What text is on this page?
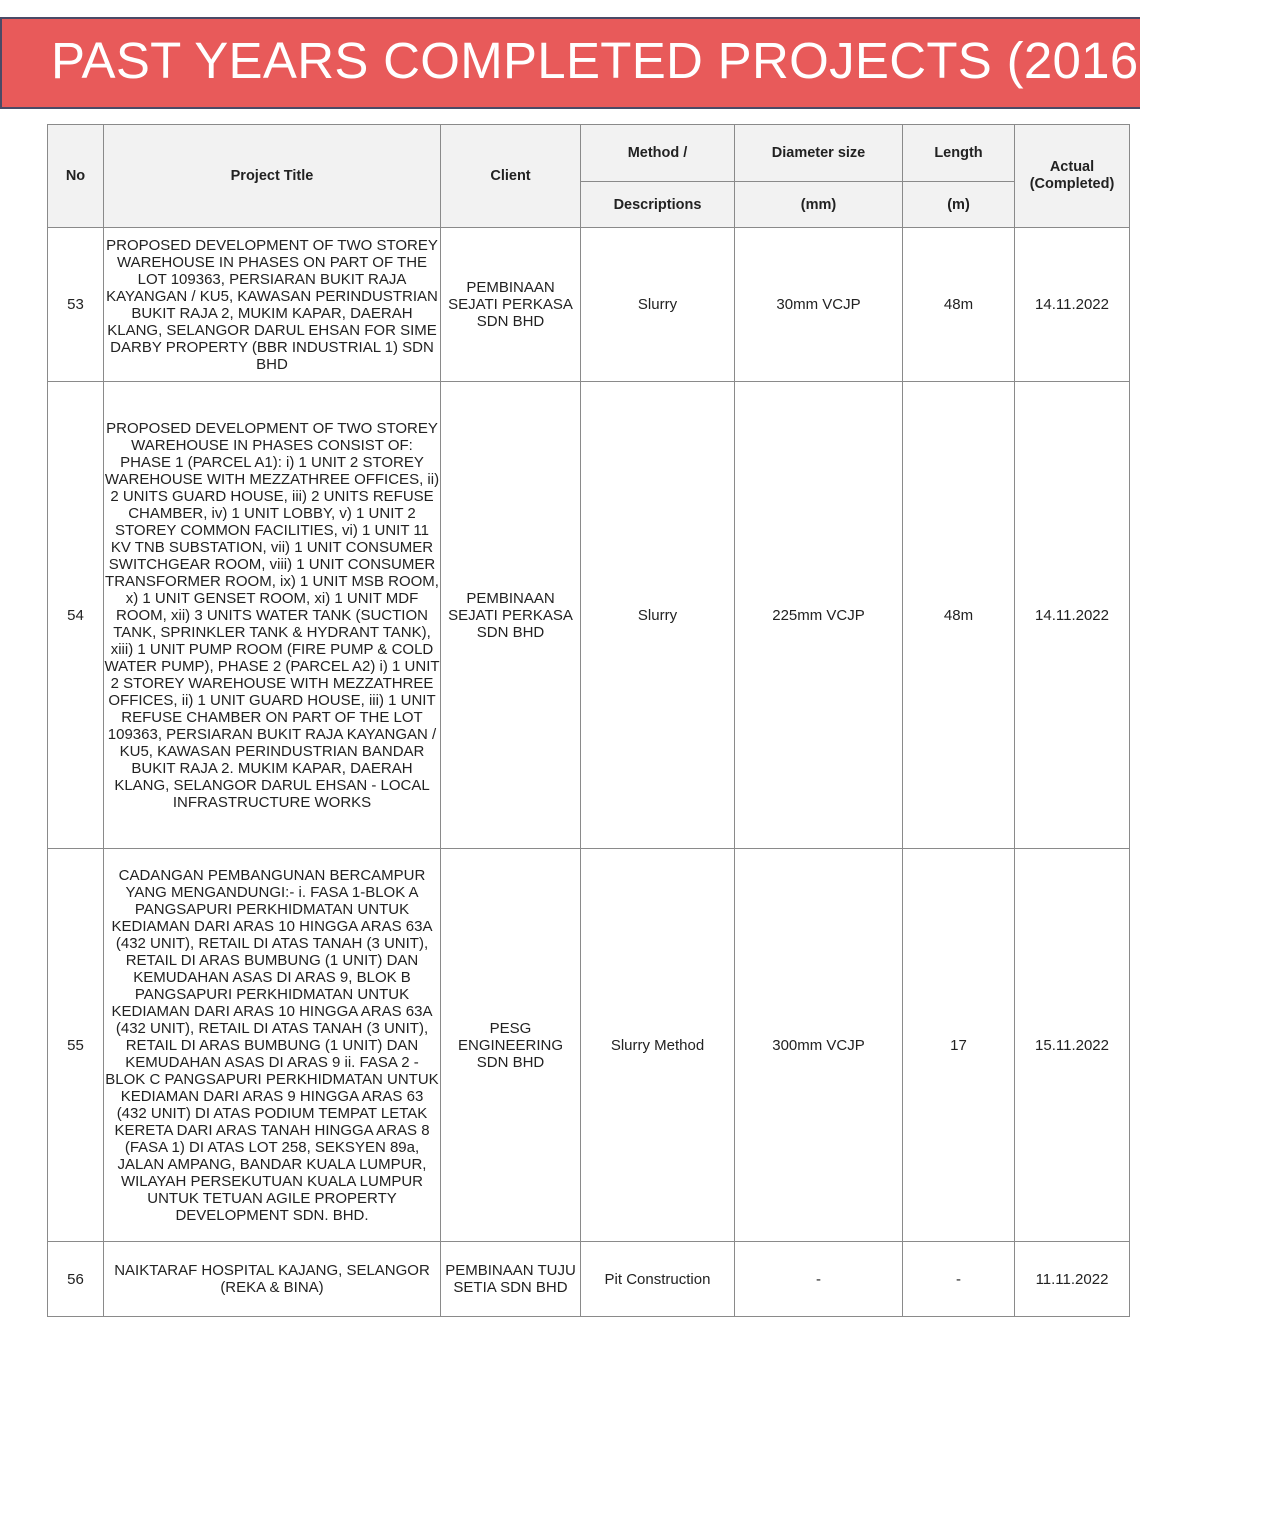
PAST YEARS COMPLETED PROJECTS (2016-2023)
No	Project Title	Client	Method /	Diameter size	Length	Actual
(Completed)

			Descriptions	(mm)	(m)	
53	PROPOSED DEVELOPMENT OF TWO STOREY WAREHOUSE IN PHASES ON PART OF THE LOT 109363, PERSIARAN BUKIT RAJA KAYANGAN / KU5, KAWASAN PERINDUSTRIAN BUKIT RAJA 2, MUKIM KAPAR, DAERAH KLANG, SELANGOR DARUL EHSAN FOR SIME DARBY PROPERTY (BBR INDUSTRIAL 1) SDN BHD	PEMBINAAN SEJATI PERKASA SDN BHD	Slurry	30mm VCJP	48m	14.11.2022
54	PROPOSED DEVELOPMENT OF TWO STOREY WAREHOUSE IN PHASES CONSIST OF: PHASE 1 (PARCEL A1): i) 1 UNIT 2 STOREY WAREHOUSE WITH MEZZATHREE OFFICES, ii) 2 UNITS GUARD HOUSE, iii) 2 UNITS REFUSE CHAMBER, iv) 1 UNIT LOBBY, v) 1 UNIT 2 STOREY COMMON FACILITIES, vi) 1 UNIT 11 KV TNB SUBSTATION, vii) 1 UNIT CONSUMER SWITCHGEAR ROOM, viii) 1 UNIT CONSUMER TRANSFORMER ROOM, ix) 1 UNIT MSB ROOM, x) 1 UNIT GENSET ROOM, xi) 1 UNIT MDF ROOM, xii) 3 UNITS WATER TANK (SUCTION TANK, SPRINKLER TANK & HYDRANT TANK), xiii) 1 UNIT PUMP ROOM (FIRE PUMP & COLD WATER PUMP), PHASE 2 (PARCEL A2) i) 1 UNIT 2 STOREY WAREHOUSE WITH MEZZATHREE OFFICES, ii) 1 UNIT GUARD HOUSE, iii) 1 UNIT REFUSE CHAMBER ON PART OF THE LOT 109363, PERSIARAN BUKIT RAJA KAYANGAN / KU5, KAWASAN PERINDUSTRIAN BANDAR BUKIT RAJA 2. MUKIM KAPAR, DAERAH KLANG, SELANGOR DARUL EHSAN - LOCAL INFRASTRUCTURE WORKS	PEMBINAAN SEJATI PERKASA SDN BHD	Slurry	225mm VCJP	48m	14.11.2022
55	CADANGAN PEMBANGUNAN BERCAMPUR YANG MENGANDUNGI:- i. FASA 1-BLOK A PANGSAPURI PERKHIDMATAN UNTUK KEDIAMAN DARI ARAS 10 HINGGA ARAS 63A (432 UNIT), RETAIL DI ATAS TANAH (3 UNIT), RETAIL DI ARAS BUMBUNG (1 UNIT) DAN KEMUDAHAN ASAS DI ARAS 9, BLOK B PANGSAPURI PERKHIDMATAN UNTUK KEDIAMAN DARI ARAS 10 HINGGA ARAS 63A (432 UNIT), RETAIL DI ATAS TANAH (3 UNIT), RETAIL DI ARAS BUMBUNG (1 UNIT) DAN KEMUDAHAN ASAS DI ARAS 9 ii. FASA 2 - BLOK C PANGSAPURI PERKHIDMATAN UNTUK KEDIAMAN DARI ARAS 9 HINGGA ARAS 63 (432 UNIT) DI ATAS PODIUM TEMPAT LETAK KERETA DARI ARAS TANAH HINGGA ARAS 8 (FASA 1) DI ATAS LOT 258, SEKSYEN 89a, JALAN AMPANG, BANDAR KUALA LUMPUR, WILAYAH PERSEKUTUAN KUALA LUMPUR UNTUK TETUAN AGILE PROPERTY DEVELOPMENT SDN. BHD.	PESG ENGINEERING SDN BHD	Slurry Method	300mm VCJP	17	15.11.2022
56	NAIKTARAF HOSPITAL KAJANG, SELANGOR (REKA & BINA)	PEMBINAAN TUJU SETIA SDN BHD	Pit Construction	-	-	11.11.2022
